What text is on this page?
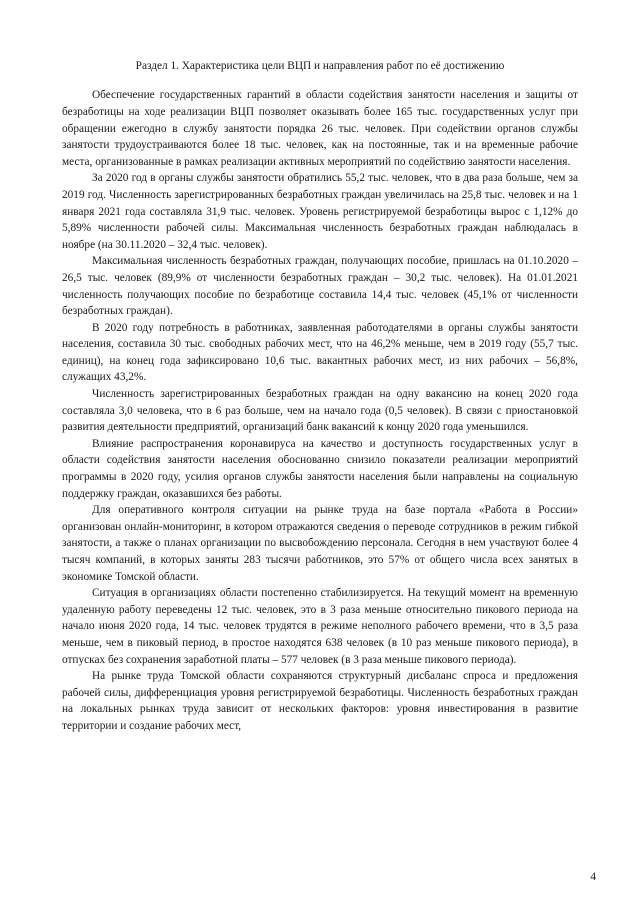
Раздел 1. Характеристика цели ВЦП и направления работ по её достижению

Обеспечение государственных гарантий в области содействия занятости населения и защиты от безработицы на ходе реализации ВЦП позволяет оказывать более 165 тыс. государственных услуг при обращении ежегодно в службу занятости порядка 26 тыс. человек. При содействии органов службы занятости трудоустраиваются более 18 тыс. человек, как на постоянные, так и на временные рабочие места, организованные в рамках реализации активных мероприятий по содействию занятости населения.

За 2020 год в органы службы занятости обратились 55,2 тыс. человек, что в два раза больше, чем за 2019 год. Численность зарегистрированных безработных граждан увеличилась на 25,8 тыс. человек и на 1 января 2021 года составляла 31,9 тыс. человек. Уровень регистрируемой безработицы вырос с 1,12% до 5,89% численности рабочей силы. Максимальная численность безработных граждан наблюдалась в ноябре (на 30.11.2020 – 32,4 тыс. человек).

Максимальная численность безработных граждан, получающих пособие, пришлась на 01.10.2020 – 26,5 тыс. человек (89,9% от численности безработных граждан – 30,2 тыс. человек). На 01.01.2021 численность получающих пособие по безработице составила 14,4 тыс. человек (45,1% от численности безработных граждан).

В 2020 году потребность в работниках, заявленная работодателями в органы службы занятости населения, составила 30 тыс. свободных рабочих мест, что на 46,2% меньше, чем в 2019 году (55,7 тыс. единиц), на конец года зафиксировано 10,6 тыс. вакантных рабочих мест, из них рабочих – 56,8%, служащих 43,2%.

Численность зарегистрированных безработных граждан на одну вакансию на конец 2020 года составляла 3,0 человека, что в 6 раз больше, чем на начало года (0,5 человек). В связи с приостановкой развития деятельности предприятий, организаций банк вакансий к концу 2020 года уменьшился.

Влияние распространения коронавируса на качество и доступность государственных услуг в области содействия занятости населения обоснованно снизило показатели реализации мероприятий программы в 2020 году, усилия органов службы занятости населения были направлены на социальную поддержку граждан, оказавшихся без работы.

Для оперативного контроля ситуации на рынке труда на базе портала «Работа в России» организован онлайн-мониторинг, в котором отражаются сведения о переводе сотрудников в режим гибкой занятости, а также о планах организации по высвобождению персонала. Сегодня в нем участвуют более 4 тысяч компаний, в которых заняты 283 тысячи работников, это 57% от общего числа всех занятых в экономике Томской области.

Ситуация в организациях области постепенно стабилизируется. На текущий момент на временную удаленную работу переведены 12 тыс. человек, это в 3 раза меньше относительно пикового периода на начало июня 2020 года, 14 тыс. человек трудятся в режиме неполного рабочего времени, что в 3,5 раза меньше, чем в пиковый период, в простое находятся 638 человек (в 10 раз меньше пикового периода), в отпусках без сохранения заработной платы – 577 человек (в 3 раза меньше пикового периода).

На рынке труда Томской области сохраняются структурный дисбаланс спроса и предложения рабочей силы, дифференциация уровня регистрируемой безработицы. Численность безработных граждан на локальных рынках труда зависит от нескольких факторов: уровня инвестирования в развитие территории и создание рабочих мест,

4
